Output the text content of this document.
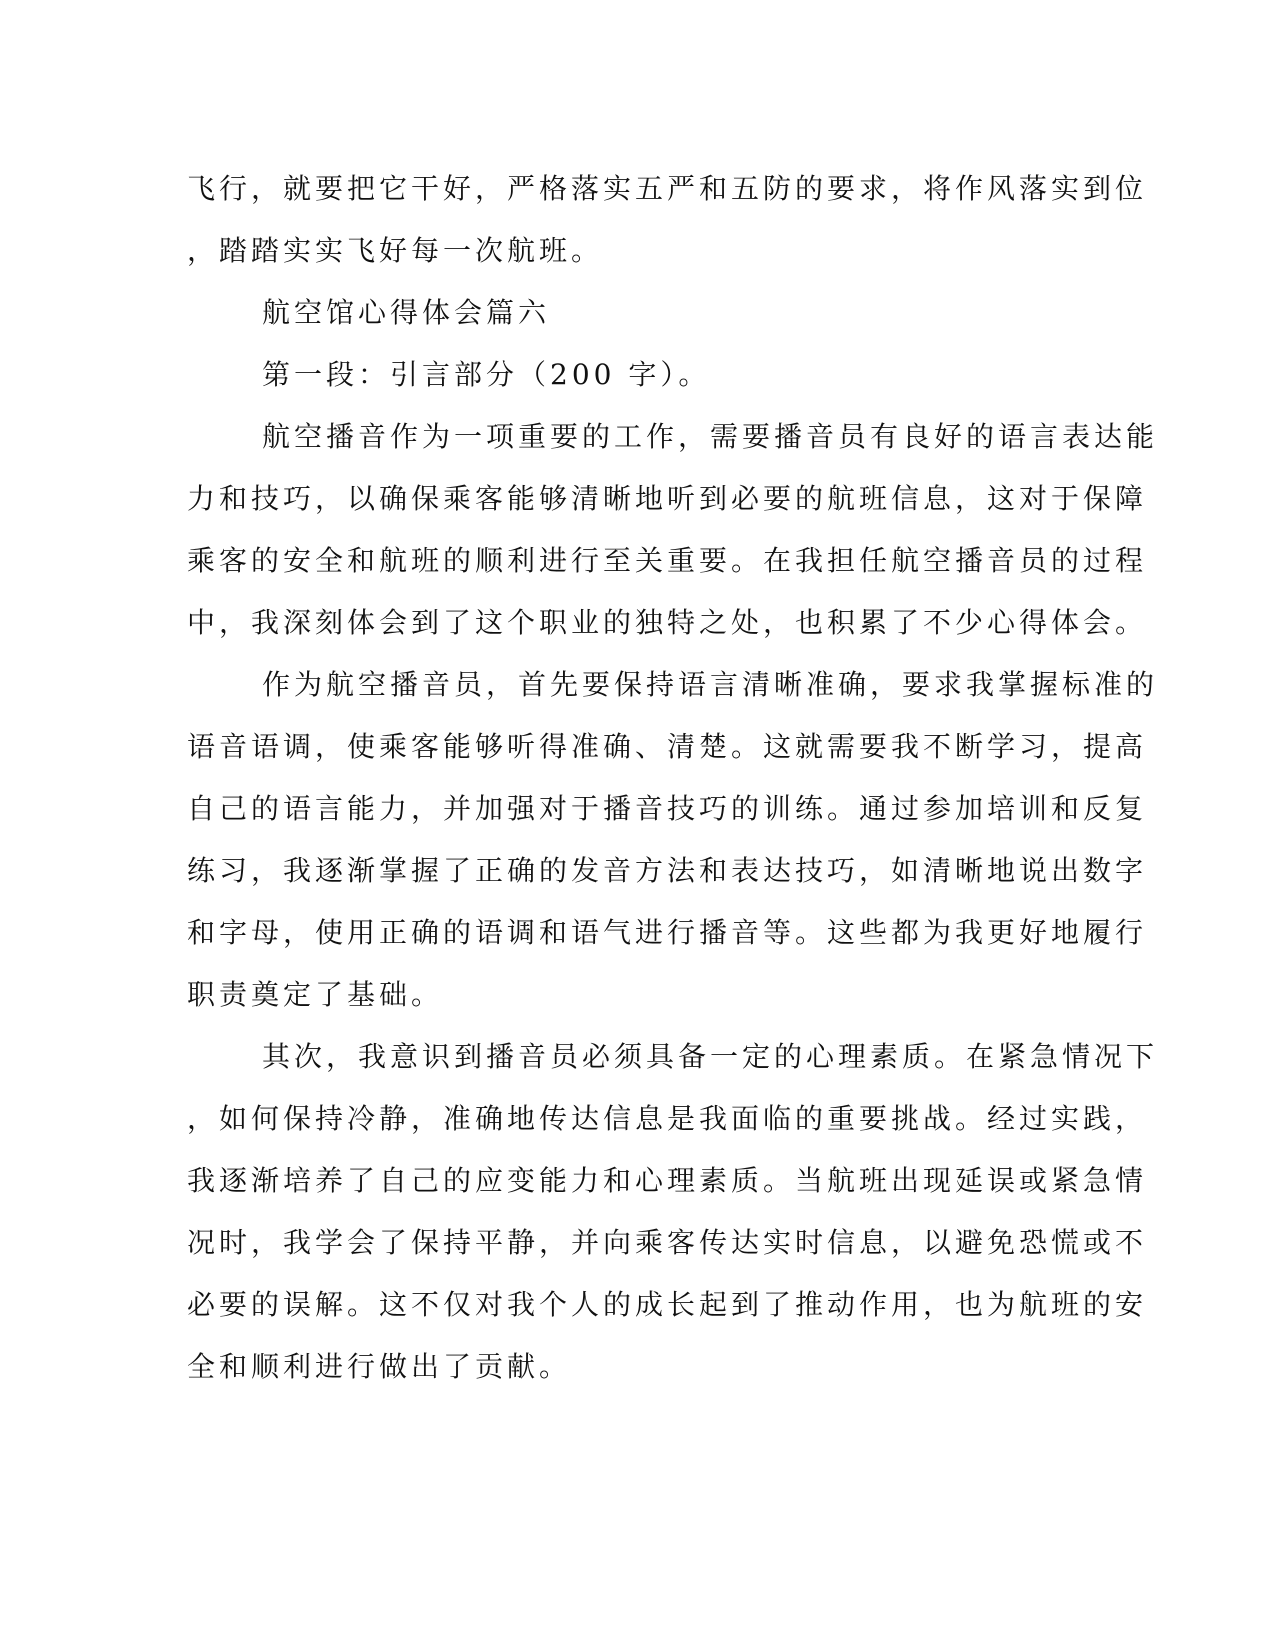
飞行，就要把它干好，严格落实五严和五防的要求，将作风落实到位
，踏踏实实飞好每一次航班。
航空馆心得体会篇六
第一段：引言部分（200 字）。
航空播音作为一项重要的工作，需要播音员有良好的语言表达能
力和技巧，以确保乘客能够清晰地听到必要的航班信息，这对于保障
乘客的安全和航班的顺利进行至关重要。在我担任航空播音员的过程
中，我深刻体会到了这个职业的独特之处，也积累了不少心得体会。
作为航空播音员，首先要保持语言清晰准确，要求我掌握标准的
语音语调，使乘客能够听得准确、清楚。这就需要我不断学习，提高
自己的语言能力，并加强对于播音技巧的训练。通过参加培训和反复
练习，我逐渐掌握了正确的发音方法和表达技巧，如清晰地说出数字
和字母，使用正确的语调和语气进行播音等。这些都为我更好地履行
职责奠定了基础。
其次，我意识到播音员必须具备一定的心理素质。在紧急情况下
，如何保持冷静，准确地传达信息是我面临的重要挑战。经过实践，
我逐渐培养了自己的应变能力和心理素质。当航班出现延误或紧急情
况时，我学会了保持平静，并向乘客传达实时信息，以避免恐慌或不
必要的误解。这不仅对我个人的成长起到了推动作用，也为航班的安
全和顺利进行做出了贡献。
